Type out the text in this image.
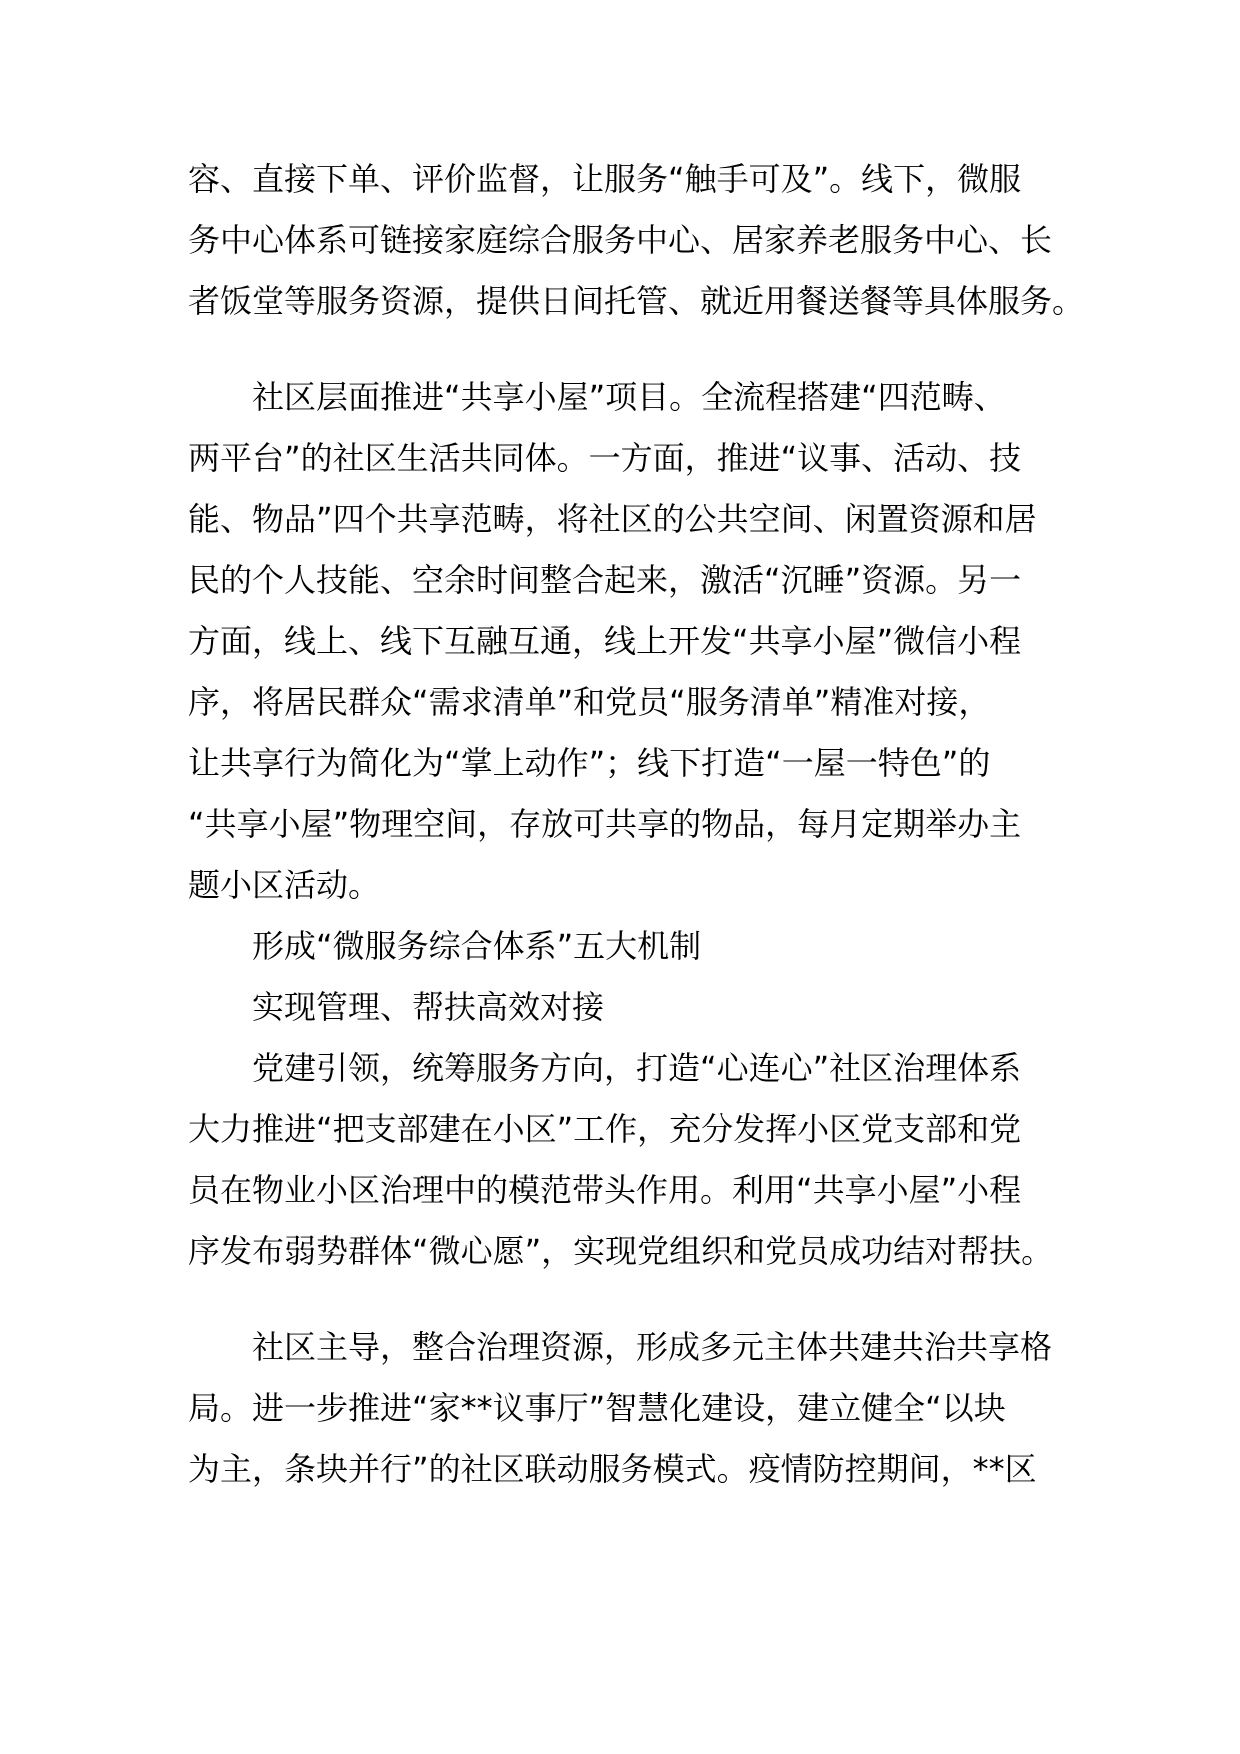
容、直接下单、评价监督，让服务“触手可及”。线下，微服
务中心体系可链接家庭综合服务中心、居家养老服务中心、长
者饭堂等服务资源，提供日间托管、就近用餐送餐等具体服务。
社区层面推进“共享小屋”项目。全流程搭建“四范畴、
两平台”的社区生活共同体。一方面，推进“议事、活动、技
能、物品”四个共享范畴，将社区的公共空间、闲置资源和居
民的个人技能、空余时间整合起来，激活“沉睡”资源。另一
方面，线上、线下互融互通，线上开发“共享小屋”微信小程
序，将居民群众“需求清单”和党员“服务清单”精准对接，
让共享行为简化为“掌上动作”；线下打造“一屋一特色”的
“共享小屋”物理空间，存放可共享的物品，每月定期举办主
题小区活动。
形成“微服务综合体系”五大机制
实现管理、帮扶高效对接
党建引领，统筹服务方向，打造“心连心”社区治理体系
大力推进“把支部建在小区”工作，充分发挥小区党支部和党
员在物业小区治理中的模范带头作用。利用“共享小屋”小程
序发布弱势群体“微心愿”，实现党组织和党员成功结对帮扶。
社区主导，整合治理资源，形成多元主体共建共治共享格
局。进一步推进“家**议事厅”智慧化建设，建立健全“以块
为主，条块并行”的社区联动服务模式。疫情防控期间，**区
